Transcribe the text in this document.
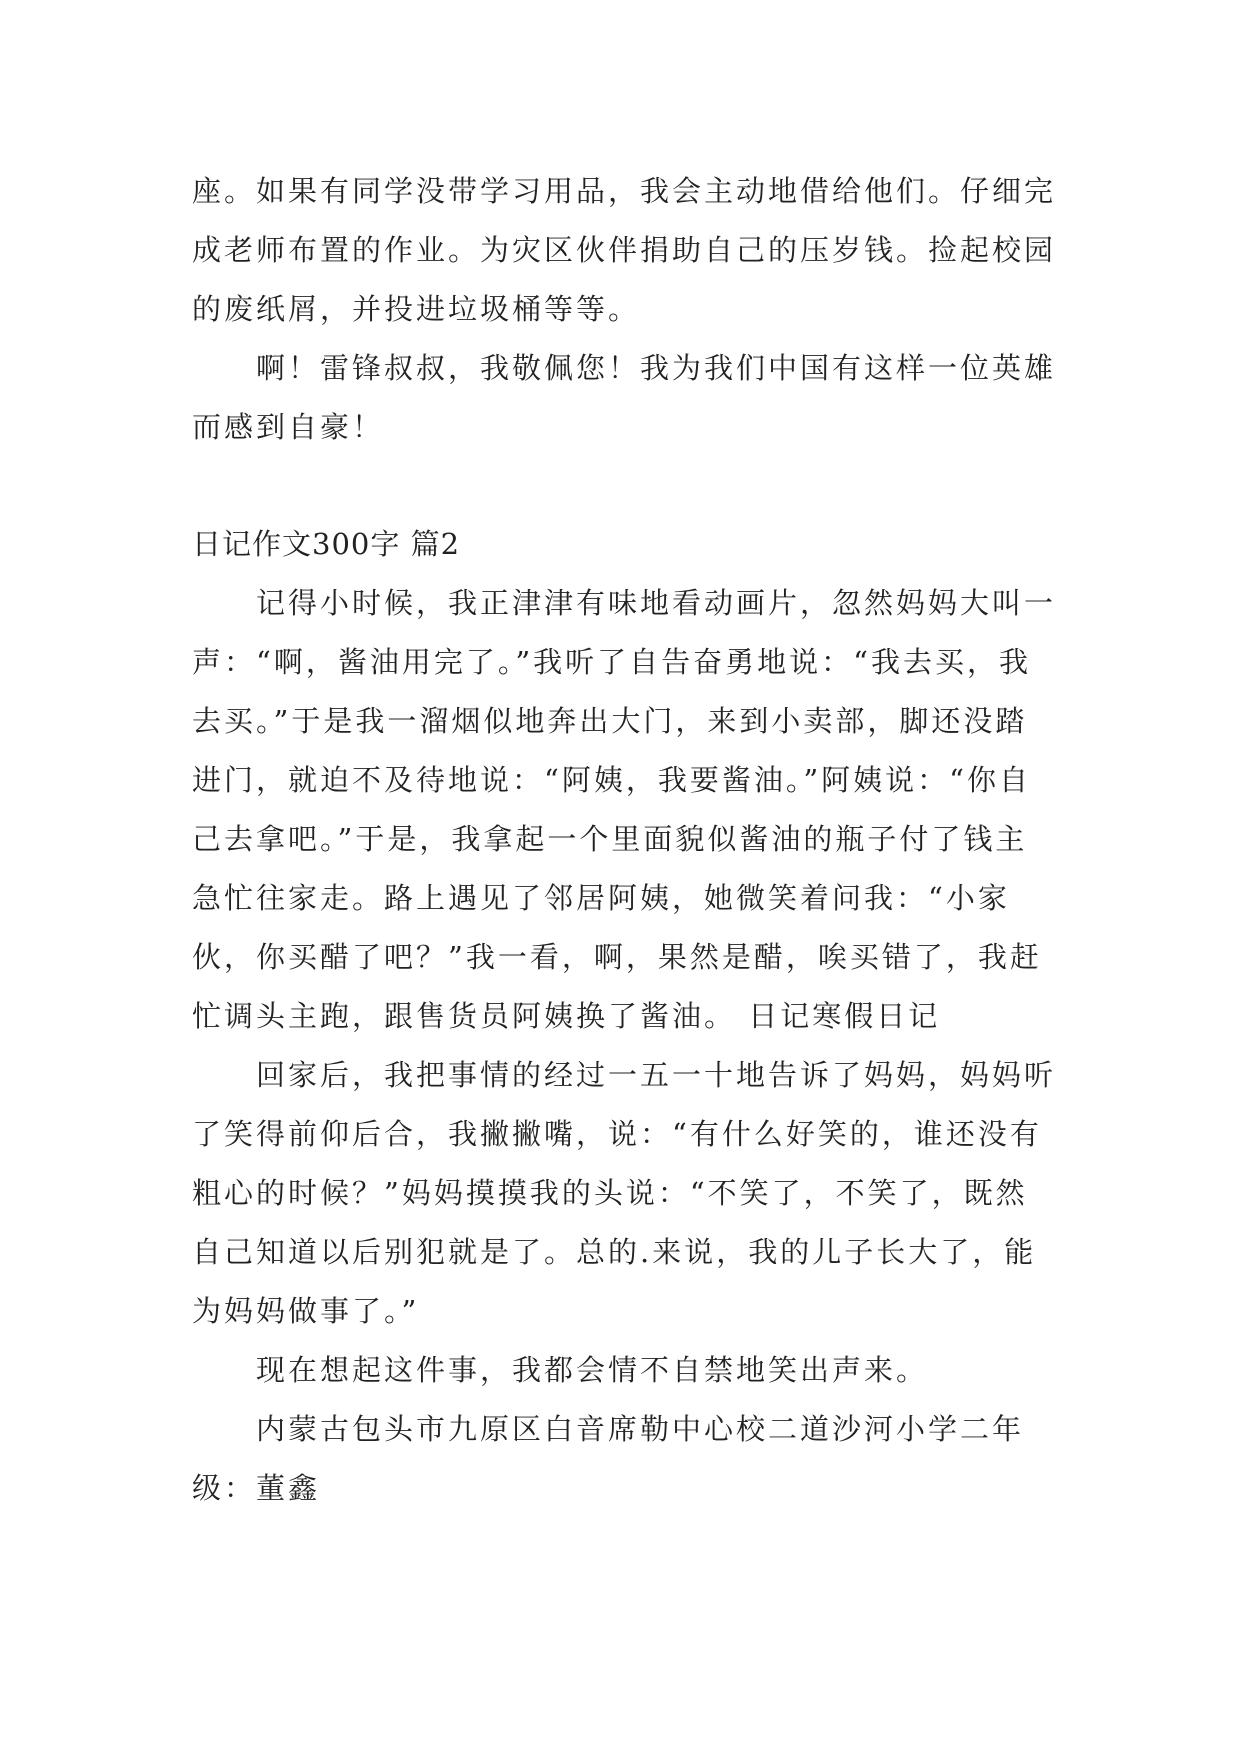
座。如果有同学没带学习用品，我会主动地借给他们。仔细完成老师布置的作业。为灾区伙伴捐助自己的压岁钱。捡起校园的废纸屑，并投进垃圾桶等等。

啊！雷锋叔叔，我敬佩您！我为我们中国有这样一位英雄而感到自豪！

日记作文300字 篇2

记得小时候，我正津津有味地看动画片，忽然妈妈大叫一声：“啊，酱油用完了。”我听了自告奋勇地说：“我去买，我去买。”于是我一溜烟似地奔出大门，来到小卖部，脚还没踏进门，就迫不及待地说：“阿姨，我要酱油。”阿姨说：“你自己去拿吧。”于是，我拿起一个里面貌似酱油的瓶子付了钱主急忙往家走。路上遇见了邻居阿姨，她微笑着问我：“小家伙，你买醋了吧？”我一看，啊，果然是醋，唉买错了，我赶忙调头主跑，跟售货员阿姨换了酱油。 日记寒假日记

回家后，我把事情的经过一五一十地告诉了妈妈，妈妈听了笑得前仰后合，我撇撇嘴，说：“有什么好笑的，谁还没有粗心的时候？”妈妈摸摸我的头说：“不笑了，不笑了，既然自己知道以后别犯就是了。总的.来说，我的儿子长大了，能为妈妈做事了。”

现在想起这件事，我都会情不自禁地笑出声来。

内蒙古包头市九原区白音席勒中心校二道沙河小学二年级：董鑫
